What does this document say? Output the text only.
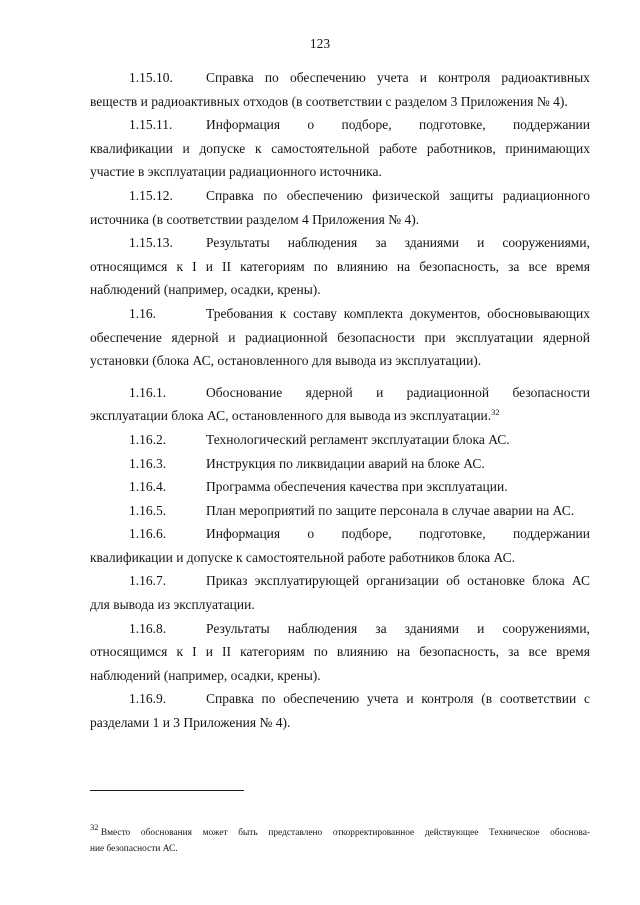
123
1.15.10. Справка по обеспечению учета и контроля радиоактивных
веществ и радиоактивных отходов (в соответствии с разделом 3 Приложения № 4).
1.15.11. Информация о подборе, подготовке, поддержании
квалификации и допуске к самостоятельной работе работников, принимающих
участие в эксплуатации радиационного источника.
1.15.12. Справка по обеспечению физической защиты радиационного
источника (в соответствии разделом 4 Приложения № 4).
1.15.13. Результаты наблюдения за зданиями и сооружениями,
относящимся к I и II категориям по влиянию на безопасность, за все время
наблюдений (например, осадки, крены).
1.16.	Требования к составу комплекта документов, обосновывающих
обеспечение ядерной и радиационной безопасности при эксплуатации ядерной
установки (блока АС, остановленного для вывода из эксплуатации).
1.16.1.	Обоснование ядерной и радиационной безопасности
эксплуатации блока АС, остановленного для вывода из эксплуатации.$^{32}$
1.16.2.	Технологический регламент эксплуатации блока АС.
1.16.3.	Инструкция по ликвидации аварий на блоке АС.
1.16.4.	Программа обеспечения качества при эксплуатации.
1.16.5.	План мероприятий по защите персонала в случае аварии на АС.
1.16.6.	Информация о подборе, подготовке, поддержании
квалификации и допуске к самостоятельной работе работников блока АС.
1.16.7.	Приказ эксплуатирующей организации об остановке блока АС
для вывода из эксплуатации.
1.16.8.	Результаты наблюдения за зданиями и сооружениями,
относящимся к I и II категориям по влиянию на безопасность, за все время
наблюдений (например, осадки, крены).
1.16.9.	Справка по обеспечению учета и контроля (в соответствии с
разделами 1 и 3 Приложения № 4).
$^{32}$ Вместо обоснования может быть представлено откорректированное действующее Техническое обоснова-
ние безопасности АС.
